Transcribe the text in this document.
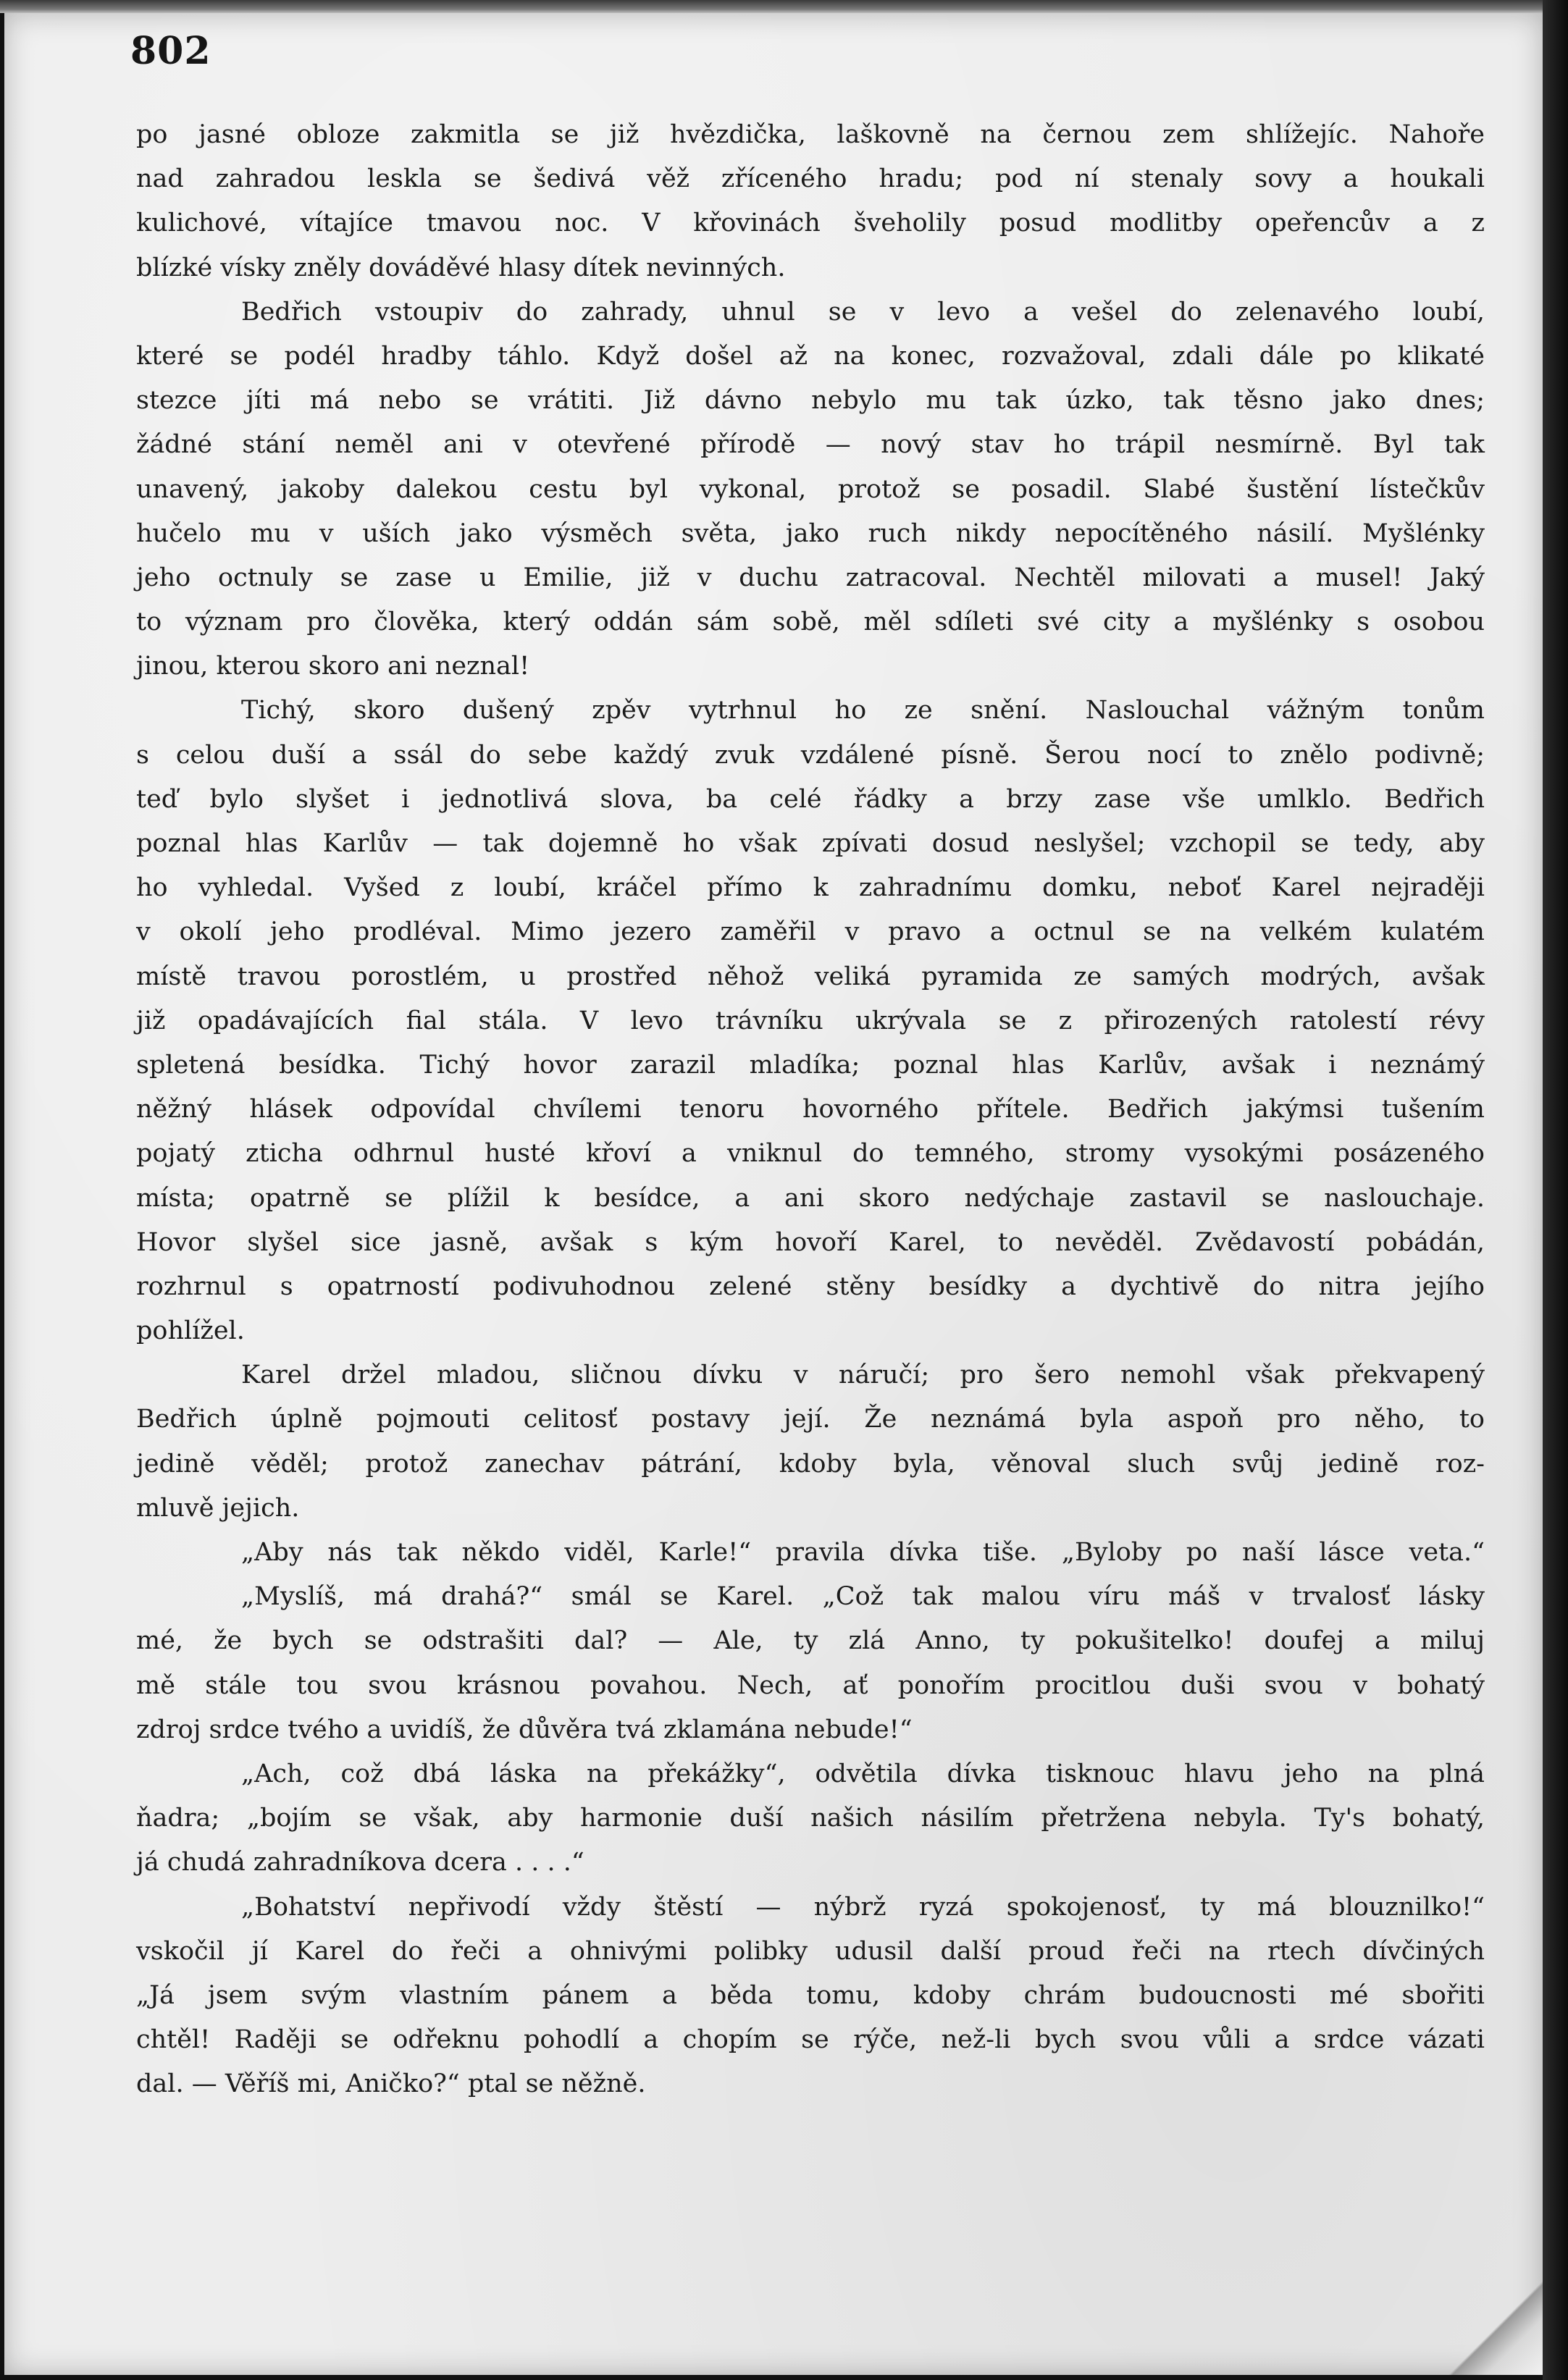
802
po jasné obloze zakmitla se již hvězdička, laškovně na černou zem shlížejíc. Nahoře
nad zahradou leskla se šedivá věž zříceného hradu; pod ní stenaly sovy a houkali
kulichové, vítajíce tmavou noc. V křovinách šveholily posud modlitby opeřencův a z
blízké vísky zněly dováděvé hlasy dítek nevinných.
Bedřich vstoupiv do zahrady, uhnul se v levo a vešel do zelenavého loubí,
které se podél hradby táhlo. Když došel až na konec, rozvažoval, zdali dále po klikaté
stezce jíti má nebo se vrátiti. Již dávno nebylo mu tak úzko, tak těsno jako dnes;
žádné stání neměl ani v otevřené přírodě — nový stav ho trápil nesmírně. Byl tak
unavený, jakoby dalekou cestu byl vykonal, protož se posadil. Slabé šustění lístečkův
hučelo mu v uších jako výsměch světa, jako ruch nikdy nepocítěného násilí. Myšlénky
jeho octnuly se zase u Emilie, již v duchu zatracoval. Nechtěl milovati a musel! Jaký
to význam pro člověka, který oddán sám sobě, měl sdíleti své city a myšlénky s osobou
jinou, kterou skoro ani neznal!
Tichý, skoro dušený zpěv vytrhnul ho ze snění. Naslouchal vážným tonům
s celou duší a ssál do sebe každý zvuk vzdálené písně. Šerou nocí to znělo podivně;
teď bylo slyšet i jednotlivá slova, ba celé řádky a brzy zase vše umlklo. Bedřich
poznal hlas Karlův — tak dojemně ho však zpívati dosud neslyšel; vzchopil se tedy, aby
ho vyhledal. Vyšed z loubí, kráčel přímo k zahradnímu domku, neboť Karel nejraději
v okolí jeho prodléval. Mimo jezero zaměřil v pravo a octnul se na velkém kulatém
místě travou porostlém, u prostřed něhož veliká pyramida ze samých modrých, avšak
již opadávajících fial stála. V levo trávníku ukrývala se z přirozených ratolestí révy
spletená besídka. Tichý hovor zarazil mladíka; poznal hlas Karlův, avšak i neznámý
něžný hlásek odpovídal chvílemi tenoru hovorného přítele. Bedřich jakýmsi tušením
pojatý zticha odhrnul husté křoví a vniknul do temného, stromy vysokými posázeného
místa; opatrně se plížil k besídce, a ani skoro nedýchaje zastavil se naslouchaje.
Hovor slyšel sice jasně, avšak s kým hovoří Karel, to nevěděl. Zvědavostí pobádán,
rozhrnul s opatrností podivuhodnou zelené stěny besídky a dychtivě do nitra jejího
pohlížel.
Karel držel mladou, sličnou dívku v náručí; pro šero nemohl však překvapený
Bedřich úplně pojmouti celitosť postavy její. Že neznámá byla aspoň pro něho, to
jedině věděl; protož zanechav pátrání, kdoby byla, věnoval sluch svůj jedině roz-
mluvě jejich.
„Aby nás tak někdo viděl, Karle!“ pravila dívka tiše. „Byloby po naší lásce veta.“
„Myslíš, má drahá?“ smál se Karel. „Což tak malou víru máš v trvalosť lásky
mé, že bych se odstrašiti dal? — Ale, ty zlá Anno, ty pokušitelko! doufej a miluj
mě stále tou svou krásnou povahou. Nech, ať ponořím procitlou duši svou v bohatý
zdroj srdce tvého a uvidíš, že důvěra tvá zklamána nebude!“
„Ach, což dbá láska na překážky“, odvětila dívka tisknouc hlavu jeho na plná
ňadra; „bojím se však, aby harmonie duší našich násilím přetržena nebyla. Ty's bohatý,
já chudá zahradníkova dcera . . . .“
„Bohatství nepřivodí vždy štěstí — nýbrž ryzá spokojenosť, ty má blouznilko!“
vskočil jí Karel do řeči a ohnivými polibky udusil další proud řeči na rtech dívčiných
„Já jsem svým vlastním pánem a běda tomu, kdoby chrám budoucnosti mé sbořiti
chtěl! Raději se odřeknu pohodlí a chopím se rýče, než-li bych svou vůli a srdce vázati
dal. — Věříš mi, Aničko?“ ptal se něžně.
